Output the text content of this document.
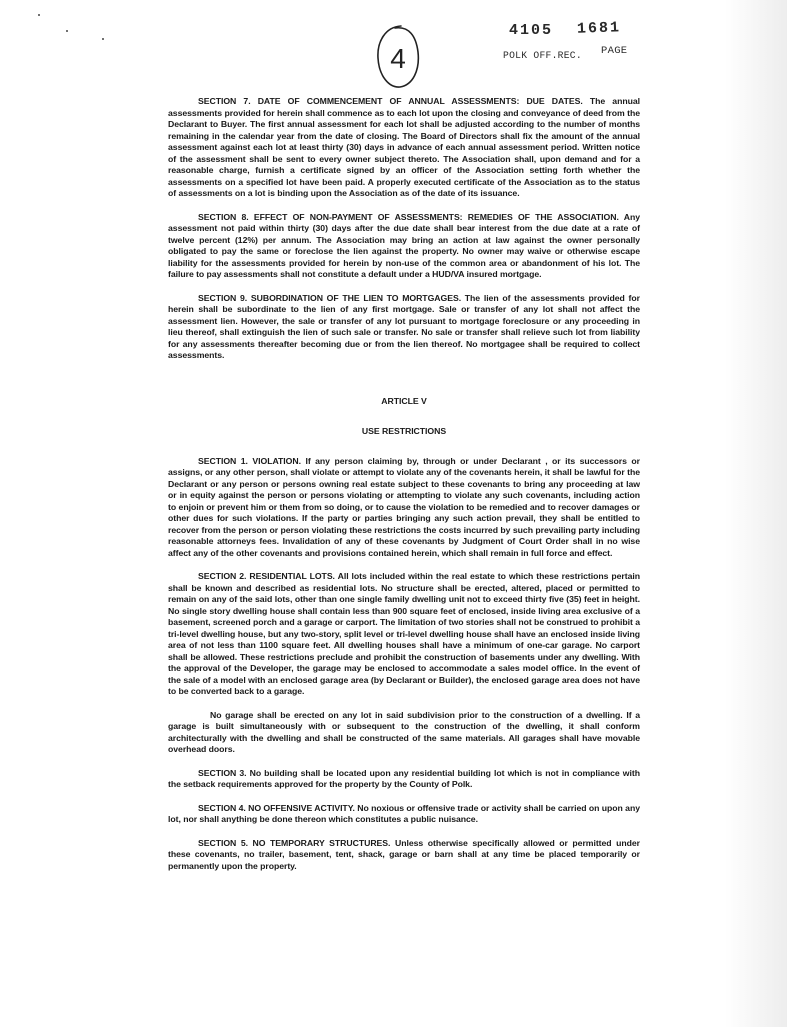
4
4105 1681
POLK OFF.REC. PAGE

SECTION 7. DATE OF COMMENCEMENT OF ANNUAL ASSESSMENTS: DUE DATES. The annual assessments provided for herein shall commence as to each lot upon the closing and conveyance of deed from the Declarant to Buyer. The first annual assessment for each lot shall be adjusted according to the number of months remaining in the calendar year from the date of closing. The Board of Directors shall fix the amount of the annual assessment against each lot at least thirty (30) days in advance of each annual assessment period. Written notice of the assessment shall be sent to every owner subject thereto. The Association shall, upon demand and for a reasonable charge, furnish a certificate signed by an officer of the Association setting forth whether the assessments on a specified lot have been paid. A properly executed certificate of the Association as to the status of assessments on a lot is binding upon the Association as of the date of its issuance.

SECTION 8. EFFECT OF NON-PAYMENT OF ASSESSMENTS: REMEDIES OF THE ASSOCIATION. Any assessment not paid within thirty (30) days after the due date shall bear interest from the due date at a rate of twelve percent (12%) per annum. The Association may bring an action at law against the owner personally obligated to pay the same or foreclose the lien against the property. No owner may waive or otherwise escape liability for the assessments provided for herein by non-use of the common area or abandonment of his lot. The failure to pay assessments shall not constitute a default under a HUD/VA insured mortgage.

SECTION 9. SUBORDINATION OF THE LIEN TO MORTGAGES. The lien of the assessments provided for herein shall be subordinate to the lien of any first mortgage. Sale or transfer of any lot shall not affect the assessment lien. However, the sale or transfer of any lot pursuant to mortgage foreclosure or any proceeding in lieu thereof, shall extinguish the lien of such sale or transfer. No sale or transfer shall relieve such lot from liability for any assessments thereafter becoming due or from the lien thereof. No mortgagee shall be required to collect assessments.

ARTICLE V

USE RESTRICTIONS

SECTION 1. VIOLATION. If any person claiming by, through or under Declarant , or its successors or assigns, or any other person, shall violate or attempt to violate any of the covenants herein, it shall be lawful for the Declarant or any person or persons owning real estate subject to these covenants to bring any proceeding at law or in equity against the person or persons violating or attempting to violate any such covenants, including action to enjoin or prevent him or them from so doing, or to cause the violation to be remedied and to recover damages or other dues for such violations. If the party or parties bringing any such action prevail, they shall be entitled to recover from the person or person violating these restrictions the costs incurred by such prevailing party including reasonable attorneys fees. Invalidation of any of these covenants by Judgment of Court Order shall in no wise affect any of the other covenants and provisions contained herein, which shall remain in full force and effect.

SECTION 2. RESIDENTIAL LOTS. All lots included within the real estate to which these restrictions pertain shall be known and described as residential lots. No structure shall be erected, altered, placed or permitted to remain on any of the said lots, other than one single family dwelling unit not to exceed thirty five (35) feet in height. No single story dwelling house shall contain less than 900 square feet of enclosed, inside living area exclusive of a basement, screened porch and a garage or carport. The limitation of two stories shall not be construed to prohibit a tri-level dwelling house, but any two-story, split level or tri-level dwelling house shall have an enclosed inside living area of not less than 1100 square feet. All dwelling houses shall have a minimum of one-car garage. No carport shall be allowed. These restrictions preclude and prohibit the construction of basements under any dwelling. With the approval of the Developer, the garage may be enclosed to accommodate a sales model office. In the event of the sale of a model with an enclosed garage area (by Declarant or Builder), the enclosed garage area does not have to be converted back to a garage.

No garage shall be erected on any lot in said subdivision prior to the construction of a dwelling. If a garage is built simultaneously with or subsequent to the construction of the dwelling, it shall conform architecturally with the dwelling and shall be constructed of the same materials. All garages shall have movable overhead doors.

SECTION 3. No building shall be located upon any residential building lot which is not in compliance with the setback requirements approved for the property by the County of Polk.

SECTION 4. NO OFFENSIVE ACTIVITY. No noxious or offensive trade or activity shall be carried on upon any lot, nor shall anything be done thereon which constitutes a public nuisance.

SECTION 5. NO TEMPORARY STRUCTURES. Unless otherwise specifically allowed or permitted under these covenants, no trailer, basement, tent, shack, garage or barn shall at any time be placed temporarily or permanently upon the property.
